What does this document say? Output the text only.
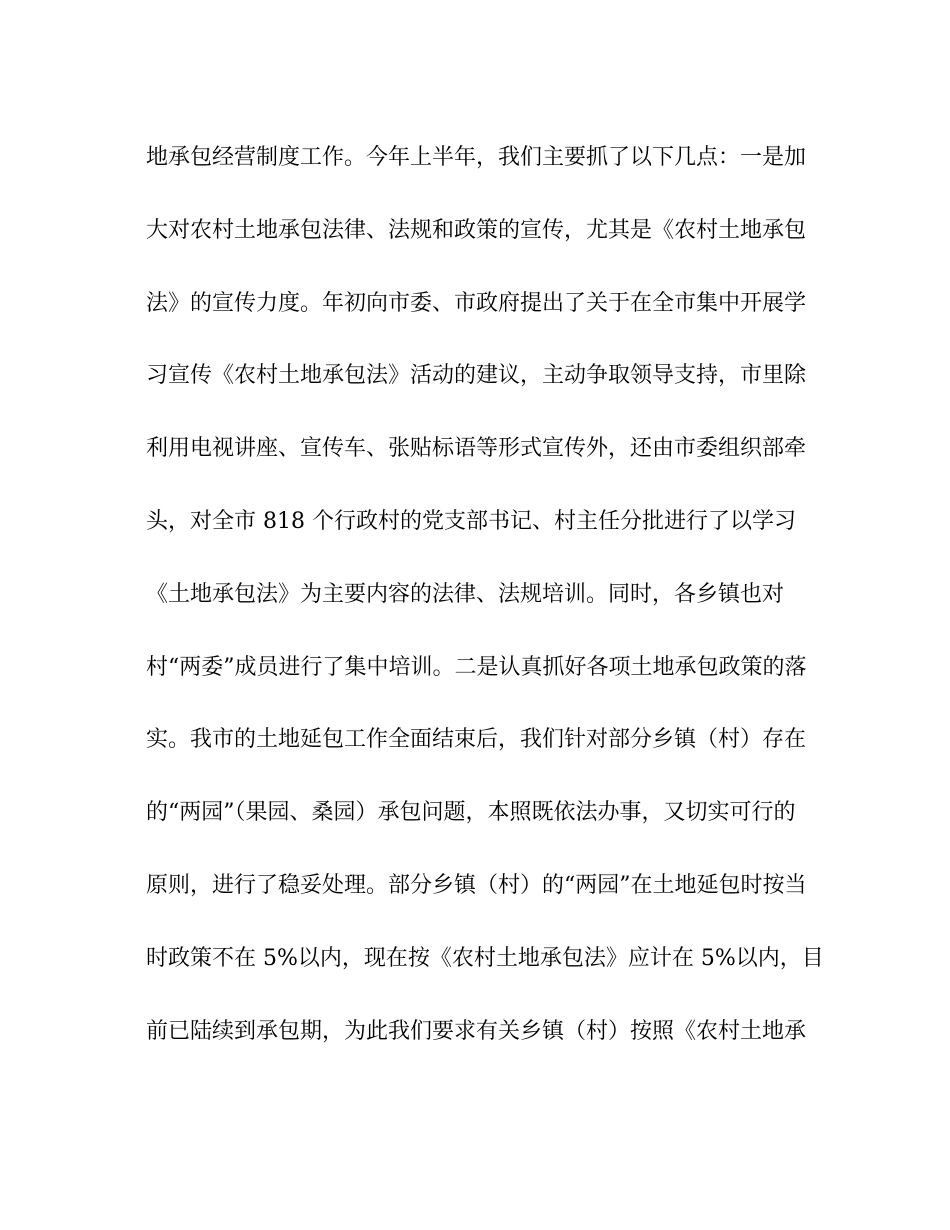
地承包经营制度工作。今年上半年，我们主要抓了以下几点：一是加
大对农村土地承包法律、法规和政策的宣传，尤其是《农村土地承包
法》的宣传力度。年初向市委、市政府提出了关于在全市集中开展学
习宣传《农村土地承包法》活动的建议，主动争取领导支持，市里除
利用电视讲座、宣传车、张贴标语等形式宣传外，还由市委组织部牵
头，对全市 818 个行政村的党支部书记、村主任分批进行了以学习
《土地承包法》为主要内容的法律、法规培训。同时，各乡镇也对
村“两委”成员进行了集中培训。二是认真抓好各项土地承包政策的落
实。我市的土地延包工作全面结束后，我们针对部分乡镇（村）存在
的“两园”（果园、桑园）承包问题，本照既依法办事，又切实可行的
原则，进行了稳妥处理。部分乡镇（村）的“两园”在土地延包时按当
时政策不在 5%以内，现在按《农村土地承包法》应计在 5%以内，目
前已陆续到承包期，为此我们要求有关乡镇（村）按照《农村土地承
